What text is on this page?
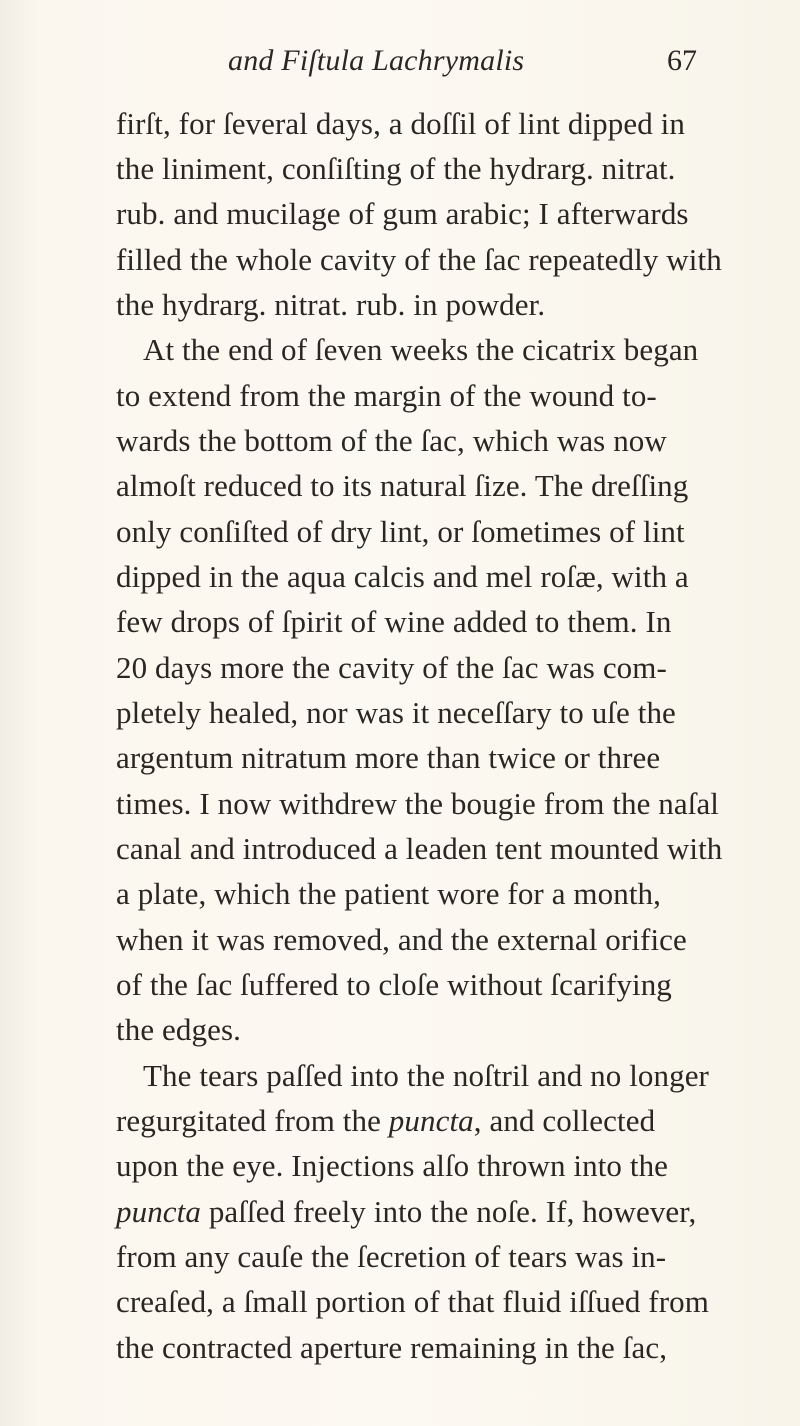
and Fiſtula Lachrymalis	67
firſt, for ſeveral days, a doſſil of lint dipped in
the liniment, conſiſting of the hydrarg. nitrat.
rub. and mucilage of gum arabic; I afterwards
filled the whole cavity of the ſac repeatedly with
the hydrarg. nitrat. rub. in powder.
At the end of ſeven weeks the cicatrix began
to extend from the margin of the wound to-
wards the bottom of the ſac, which was now
almoſt reduced to its natural ſize. The dreſſing
only conſiſted of dry lint, or ſometimes of lint
dipped in the aqua calcis and mel roſæ, with a
few drops of ſpirit of wine added to them. In
20 days more the cavity of the ſac was com-
pletely healed, nor was it neceſſary to uſe the
argentum nitratum more than twice or three
times. I now withdrew the bougie from the naſal
canal and introduced a leaden tent mounted with
a plate, which the patient wore for a month,
when it was removed, and the external orifice
of the ſac ſuffered to cloſe without ſcarifying
the edges.
The tears paſſed into the noſtril and no longer
regurgitated from the punctа, and collected
upon the eye. Injections alſo thrown into the
puncta paſſed freely into the noſe. If, however,
from any cauſe the ſecretion of tears was in-
creaſed, a ſmall portion of that fluid iſſued from
the contracted aperture remaining in the ſac,
